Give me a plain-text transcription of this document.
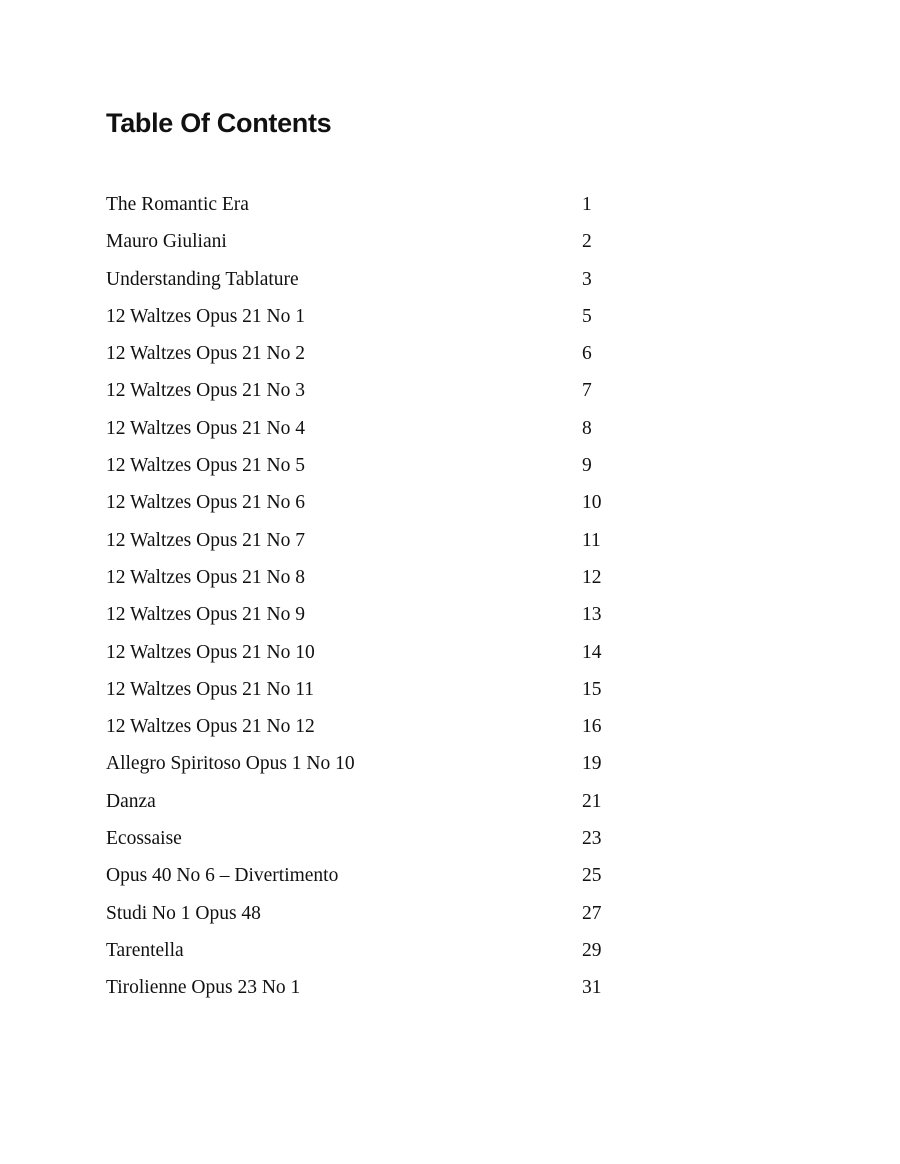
Table Of Contents
The Romantic Era	1
Mauro Giuliani	2
Understanding Tablature	3
12 Waltzes Opus 21 No 1	5
12 Waltzes Opus 21 No 2	6
12 Waltzes Opus 21 No 3	7
12 Waltzes Opus 21 No 4	8
12 Waltzes Opus 21 No 5	9
12 Waltzes Opus 21 No 6	10
12 Waltzes Opus 21 No 7	11
12 Waltzes Opus 21 No 8	12
12 Waltzes Opus 21 No 9	13
12 Waltzes Opus 21 No 10	14
12 Waltzes Opus 21 No 11	15
12 Waltzes Opus 21 No 12	16
Allegro Spiritoso Opus 1 No 10	19
Danza	21
Ecossaise	23
Opus 40 No 6 – Divertimento	25
Studi No 1 Opus 48	27
Tarentella	29
Tirolienne Opus 23 No 1	31
